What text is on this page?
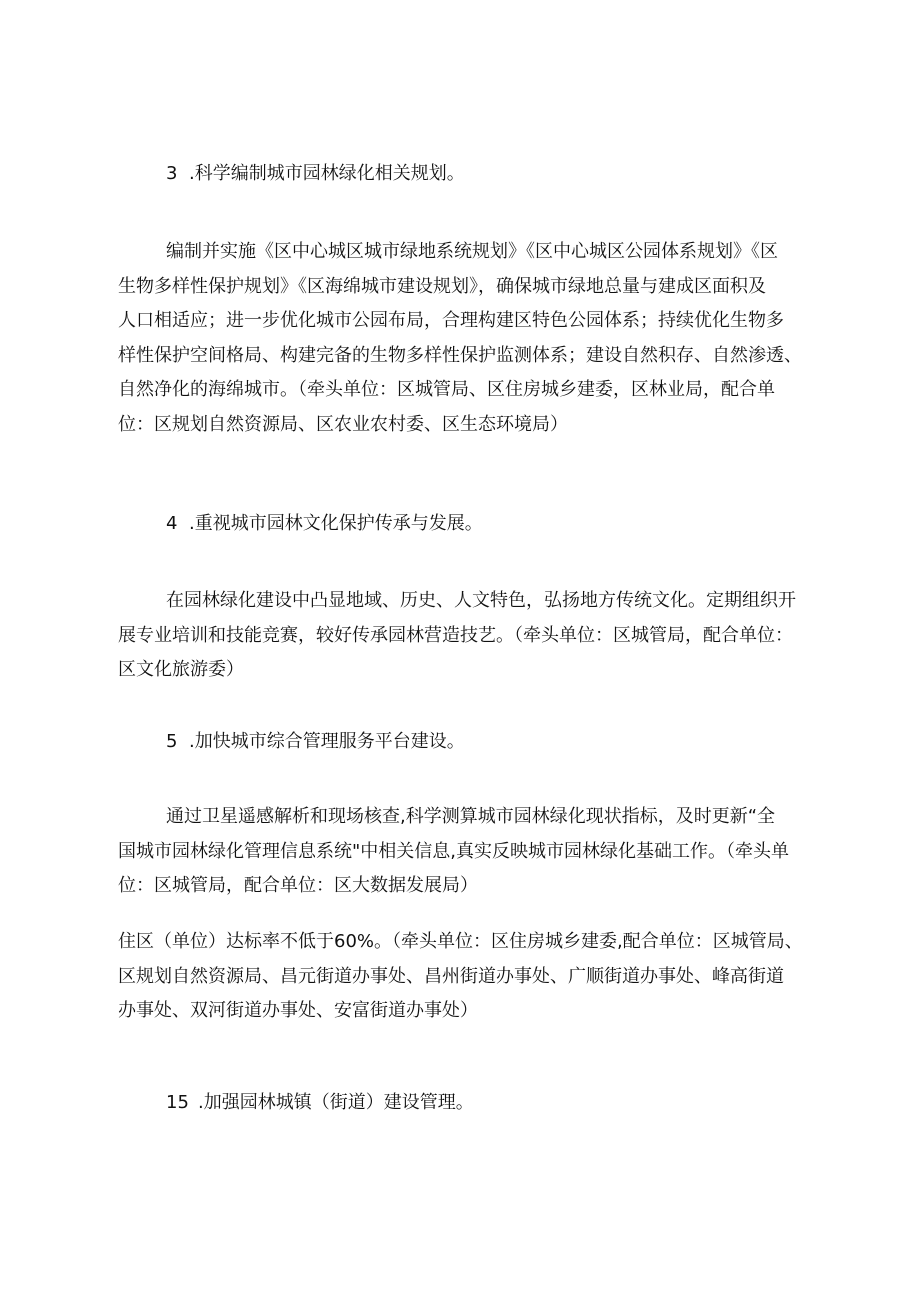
3 .科学编制城市园林绿化相关规划。
编制并实施《区中心城区城市绿地系统规划》《区中心城区公园体系规划》《区
生物多样性保护规划》《区海绵城市建设规划》，确保城市绿地总量与建成区面积及
人口相适应；进一步优化城市公园布局，合理构建区特色公园体系；持续优化生物多
样性保护空间格局、构建完备的生物多样性保护监测体系；建设自然积存、自然渗透、
自然净化的海绵城市。（牵头单位：区城管局、区住房城乡建委，区林业局，配合单
位：区规划自然资源局、区农业农村委、区生态环境局）
4 .重视城市园林文化保护传承与发展。
在园林绿化建设中凸显地域、历史、人文特色，弘扬地方传统文化。定期组织开
展专业培训和技能竞赛，较好传承园林营造技艺。（牵头单位：区城管局，配合单位：
区文化旅游委）
5 .加快城市综合管理服务平台建设。
通过卫星遥感解析和现场核查,科学测算城市园林绿化现状指标，及时更新“全
国城市园林绿化管理信息系统"中相关信息,真实反映城市园林绿化基础工作。（牵头单
位：区城管局，配合单位：区大数据发展局）
住区（单位）达标率不低于60%。（牵头单位：区住房城乡建委,配合单位：区城管局、
区规划自然资源局、昌元街道办事处、昌州街道办事处、广顺街道办事处、峰高街道
办事处、双河街道办事处、安富街道办事处）
15 .加强园林城镇（街道）建设管理。
